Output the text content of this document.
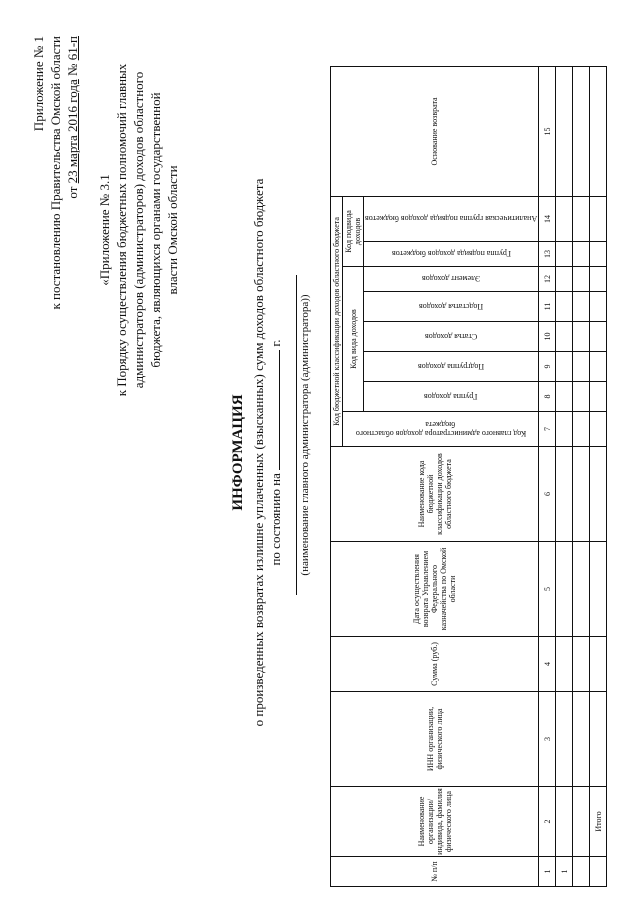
Приложение № 1 к постановлению Правительства Омской области от 23 марта 2016 года № 61-п
«Приложение № 3.1 к Порядку осуществления бюджетных полномочий главных администраторов (администраторов) доходов областного бюджета, являющихся органами государственной власти Омской области
ИНФОРМАЦИЯ о произведенных возвратах излишне уплаченных (взысканных) сумм доходов областного бюджета по состоянию на  г. (наименование главного администратора (администратора))
№ п/п	Наименование организации/ индивида, фамилия физического лица	ИНН организации, физического лица	Сумма (руб.)	Дата осуществления возврата Управлением Федерального казначейства по Омской области	Наименование кода бюджетной классификации доходов областного бюджета	Код бюджетной классификации доходов областного бюджета								Основание возврата

						Код главного администратора доходов областного бюджета	Код вида доходов					Код подвида доходов		

							Группа доходов	Подгруппа доходов	Статья доходов	Подстатья доходов	Элемент доходов	Группа подвида доходов бюджетов	Аналитическая группа подвида доходов бюджетов	

1	2	3	4	5	6	7	8	9	10	11	12	13	14	15
1														

	Итого													
